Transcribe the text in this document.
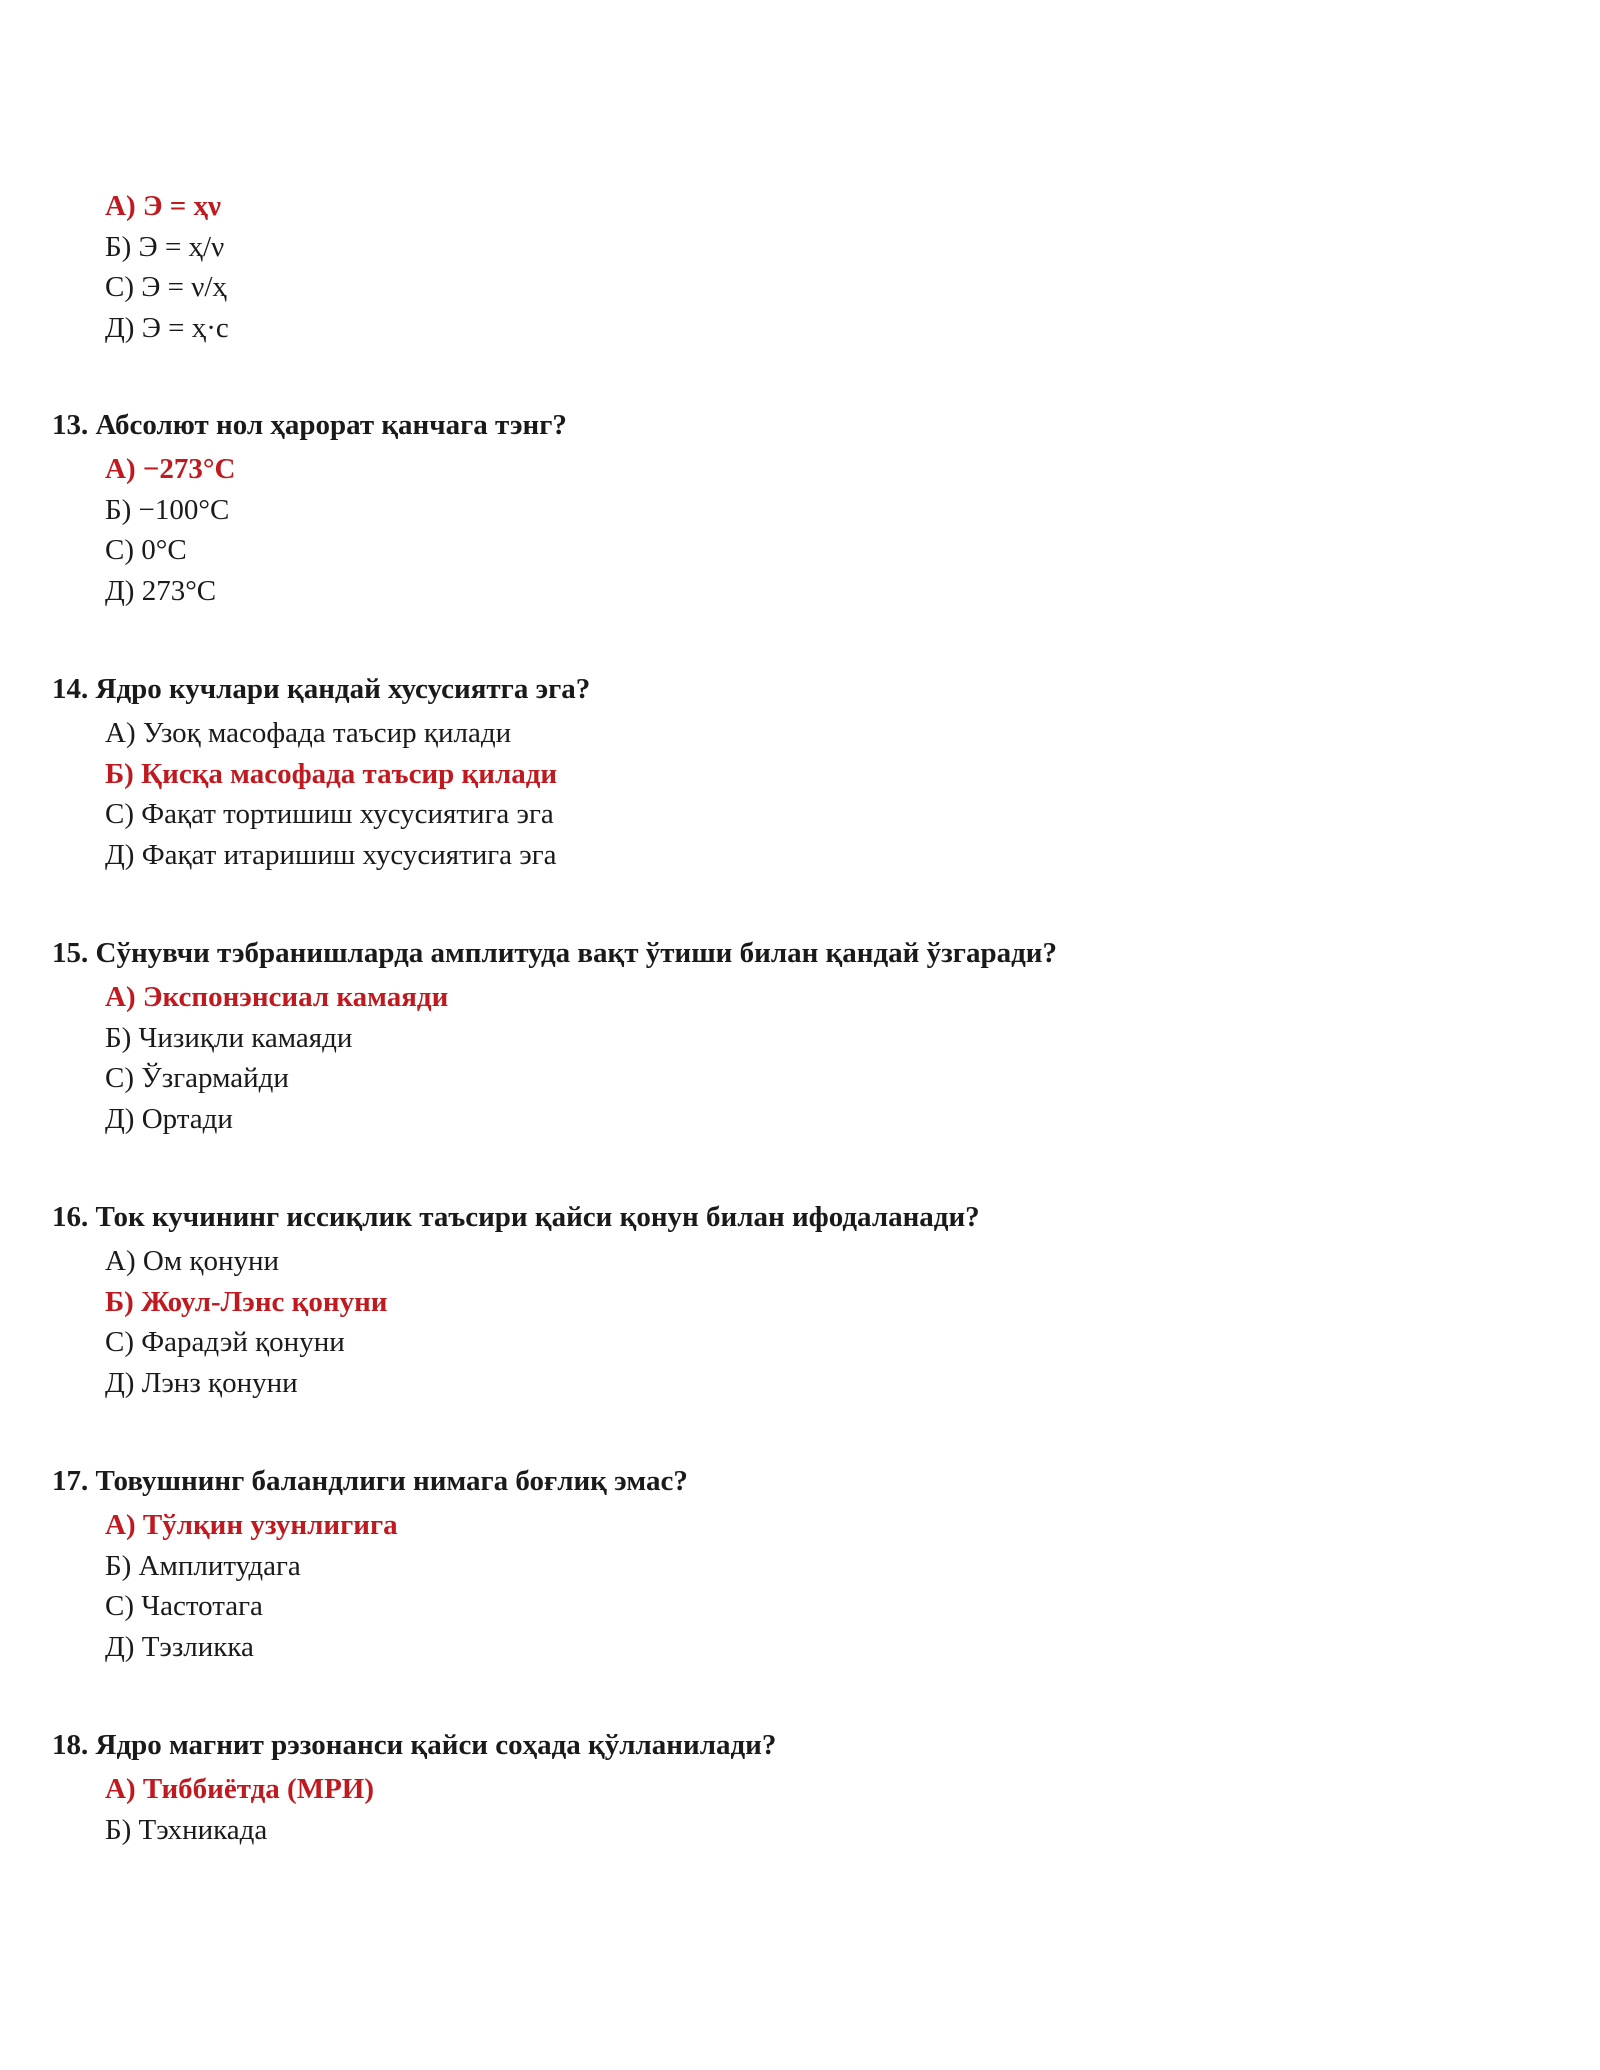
А) Э = ҳν
Б) Э = ҳ/ν
С) Э = ν/ҳ
Д) Э = ҳ·c
13. Абсолют нол ҳарорат қанчага тэнг?
А) −273°C
Б) −100°C
С) 0°C
Д) 273°C
14. Ядро кучлари қандай хусусиятга эга?
А) Узоқ масофада таъсир қилади
Б) Қисқа масофада таъсир қилади
С) Фақат тортишиш хусусиятига эга
Д) Фақат итаришиш хусусиятига эга
15. Сўнувчи тэбранишларда амплитуда вақт ўтиши билан қандай ўзгаради?
А) Экспонэнсиал камаяди
Б) Чизиқли камаяди
С) Ўзгармайди
Д) Ортади
16. Ток кучининг иссиқлик таъсири қайси қонун билан ифодаланади?
А) Ом қонуни
Б) Жоул-Лэнс қонуни
С) Фарадэй қонуни
Д) Лэнз қонуни
17. Товушнинг баландлиги нимага боғлиқ эмас?
А) Тўлқин узунлигига
Б) Амплитудага
С) Частотага
Д) Тэзликка
18. Ядро магнит рэзонанси қайси соҳада қўлланилади?
А) Тиббиётда (МРИ)
Б) Тэхникада
